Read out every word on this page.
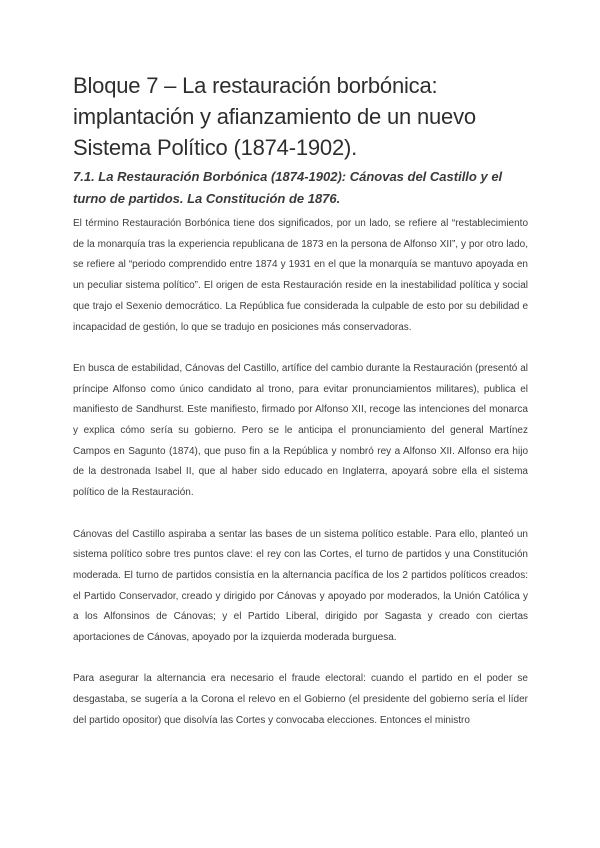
Bloque 7 – La restauración borbónica: implantación y afianzamiento de un nuevo Sistema Político (1874-1902).
7.1. La Restauración Borbónica (1874-1902): Cánovas del Castillo y el turno de partidos. La Constitución de 1876.

El término Restauración Borbónica tiene dos significados, por un lado, se refiere al “restablecimiento de la monarquía tras la experiencia republicana de 1873 en la persona de Alfonso XII”, y por otro lado, se refiere al “periodo comprendido entre 1874 y 1931 en el que la monarquía se mantuvo apoyada en un peculiar sistema político”. El origen de esta Restauración reside en la inestabilidad política y social que trajo el Sexenio democrático. La República fue considerada la culpable de esto por su debilidad e incapacidad de gestión, lo que se tradujo en posiciones más conservadoras.

En busca de estabilidad, Cánovas del Castillo, artífice del cambio durante la Restauración (presentó al príncipe Alfonso como único candidato al trono, para evitar pronunciamientos militares), publica el manifiesto de Sandhurst. Este manifiesto, firmado por Alfonso XII, recoge las intenciones del monarca y explica cómo sería su gobierno. Pero se le anticipa el pronunciamiento del general Martínez Campos en Sagunto (1874), que puso fin a la República y nombró rey a Alfonso XII. Alfonso era hijo de la destronada Isabel II, que al haber sido educado en Inglaterra, apoyará sobre ella el sistema político de la Restauración.

Cánovas del Castillo aspiraba a sentar las bases de un sistema político estable. Para ello, planteó un sistema político sobre tres puntos clave: el rey con las Cortes, el turno de partidos y una Constitución moderada. El turno de partidos consistía en la alternancia pacífica de los 2 partidos políticos creados: el Partido Conservador, creado y dirigido por Cánovas y apoyado por moderados, la Unión Católica y a los Alfonsinos de Cánovas; y el Partido Liberal, dirigido por Sagasta y creado con ciertas aportaciones de Cánovas, apoyado por la izquierda moderada burguesa.

Para asegurar la alternancia era necesario el fraude electoral: cuando el partido en el poder se desgastaba, se sugería a la Corona el relevo en el Gobierno (el presidente del gobierno sería el líder del partido opositor) que disolvía las Cortes y convocaba elecciones. Entonces el ministro
